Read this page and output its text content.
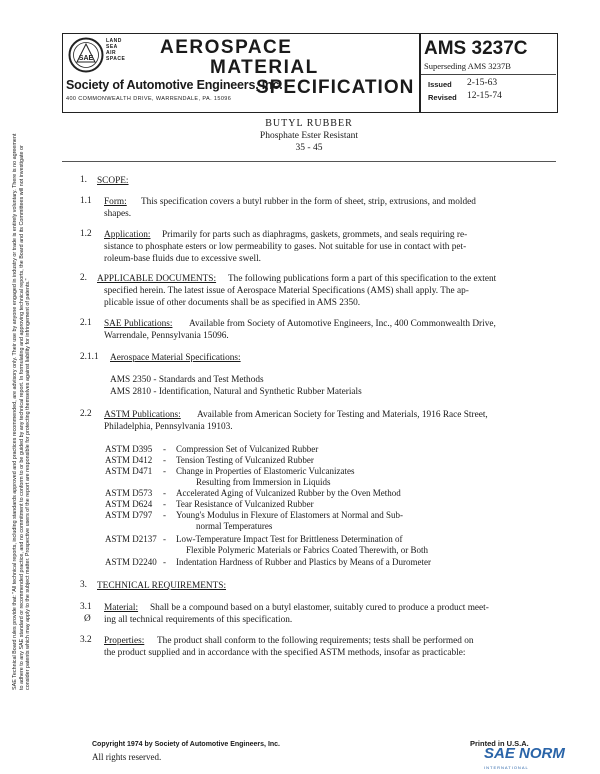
SAE
LAND SEA AIR SPACE
AEROSPACE
MATERIAL
SPECIFICATION
Society of Automotive Engineers, Inc.
400 COMMONWEALTH DRIVE, WARRENDALE, PA. 15096
AMS 3237C
Superseding AMS 3237B
Issued 2-15-63
Revised 12-15-74
BUTYL RUBBER
Phosphate Ester Resistant
35 - 45
SAE Technical Board rules provide that: "All technical reports, including standards approved and practices recommended, are advisory only. Their use by anyone engaged in industry or trade is entirely voluntary. There is no agreement to adhere to any SAE standard or recommended practice, and no commitment to conform to or be guided by any technical report. In formulating and approving technical reports, the Board and its Committees will not investigate or consider patents which may apply to the subject matter. Prospective users of the report are responsible for protecting themselves against liability for infringement of patents."
1. SCOPE:
1.1 Form: This specification covers a butyl rubber in the form of sheet, strip, extrusions, and molded
shapes.
1.2 Application: Primarily for parts such as diaphragms, gaskets, grommets, and seals requiring re-
sistance to phosphate esters or low permeability to gases. Not suitable for use in contact with pet-
roleum-base fluids due to excessive swell.
2. APPLICABLE DOCUMENTS: The following publications form a part of this specification to the extent
specified herein. The latest issue of Aerospace Material Specifications (AMS) shall apply. The ap-
plicable issue of other documents shall be as specified in AMS 2350.
2.1 SAE Publications: Available from Society of Automotive Engineers, Inc., 400 Commonwealth Drive,
Warrendale, Pennsylvania 15096.
2.1.1 Aerospace Material Specifications:
AMS 2350 - Standards and Test Methods
AMS 2810 - Identification, Natural and Synthetic Rubber Materials
2.2 ASTM Publications: Available from American Society for Testing and Materials, 1916 Race Street,
Philadelphia, Pennsylvania 19103.
ASTM D395 - Compression Set of Vulcanized Rubber
ASTM D412 - Tension Testing of Vulcanized Rubber
ASTM D471 - Change in Properties of Elastomeric Vulcanizates
Resulting from Immersion in Liquids
ASTM D573 - Accelerated Aging of Vulcanized Rubber by the Oven Method
ASTM D624 - Tear Resistance of Vulcanized Rubber
ASTM D797 - Young's Modulus in Flexure of Elastomers at Normal and Sub-
normal Temperatures
ASTM D2137 - Low-Temperature Impact Test for Brittleness Determination of
Flexible Polymeric Materials or Fabrics Coated Therewith, or Both
ASTM D2240 - Indentation Hardness of Rubber and Plastics by Means of a Durometer
3. TECHNICAL REQUIREMENTS:
3.1
Ø
Material: Shall be a compound based on a butyl elastomer, suitably cured to produce a product meet-
ing all technical requirements of this specification.
3.2 Properties: The product shall conform to the following requirements; tests shall be performed on
the product supplied and in accordance with the specified ASTM methods, insofar as practicable:
Copyright 1974 by Society of Automotive Engineers, Inc.
All rights reserved.
Printed in U.S.A.
SAE NORM
INTERNATIONAL
